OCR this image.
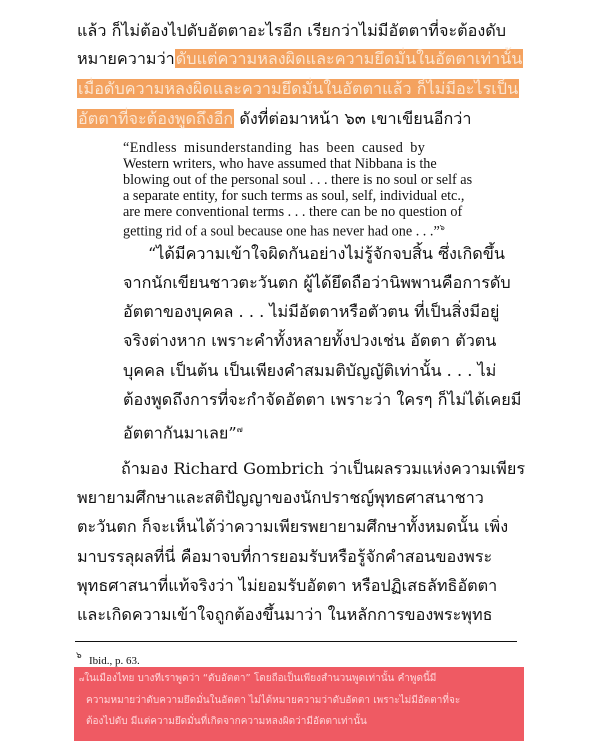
แล้ว ก็ไม่ต้องไปดับอัตตาอะไรอีก เรียกว่าไม่มีอัตตาที่จะต้องดับ
หมายความว่าดับแต่ความหลงผิดและความยึดมั่นในอัตตาเท่านั้น
เมื่อดับความหลงผิดและความยึดมั่นในอัตตาแล้ว ก็ไม่มีอะไรเป็น
อัตตาที่จะต้องพูดถึงอีก ดังที่ต่อมาหน้า ๖๓ เขาเขียนอีกว่า
“Endless misunderstanding has been caused by
Western writers, who have assumed that Nibbana is the
blowing out of the personal soul . . . there is no soul or self as
a separate entity, for such terms as soul, self, individual etc.,
are mere conventional terms . . . there can be no question of
getting rid of a soul because one has never had one . . .”$^๖$
“ได้มีความเข้าใจผิดกันอย่างไม่รู้จักจบสิ้น ซึ่งเกิดขึ้น
จากนักเขียนชาวตะวันตก ผู้ได้ยึดถือว่านิพพานคือการดับ
อัตตาของบุคคล . . . ไม่มีอัตตาหรือตัวตน ที่เป็นสิ่งมีอยู่
จริงต่างหาก เพราะคำทั้งหลายทั้งปวงเช่น อัตตา ตัวตน
บุคคล เป็นต้น เป็นเพียงคำสมมติบัญญัติเท่านั้น . . . ไม่
ต้องพูดถึงการที่จะกำจัดอัตตา เพราะว่า ใครๆ ก็ไม่ได้เคยมี
อัตตากันมาเลย”$^๗$
ถ้ามอง Richard Gombrich ว่าเป็นผลรวมแห่งความเพียร
พยายามศึกษาและสติปัญญาของนักปราชญ์พุทธศาสนาชาว
ตะวันตก ก็จะเห็นได้ว่าความเพียรพยายามศึกษาทั้งหมดนั้น เพิ่ง
มาบรรลุผลที่นี่ คือมาจบที่การยอมรับหรือรู้จักคำสอนของพระ
พุทธศาสนาที่แท้จริงว่า ไม่ยอมรับอัตตา หรือปฏิเสธลัทธิอัตตา
และเกิดความเข้าใจถูกต้องขึ้นมาว่า ในหลักการของพระพุทธ
๖ Ibid., p. 63.
$^๗$ในเมืองไทย บางทีเราพูดว่า “ดับอัตตา” โดยถือเป็นเพียงสำนวนพูดเท่านั้น คำพูดนี้มี
ความหมายว่าดับความยึดมั่นในอัตตา ไม่ได้หมายความว่าดับอัตตา เพราะไม่มีอัตตาที่จะ
ต้องไปดับ มีแต่ความยึดมั่นที่เกิดจากความหลงผิดว่ามีอัตตาเท่านั้น
